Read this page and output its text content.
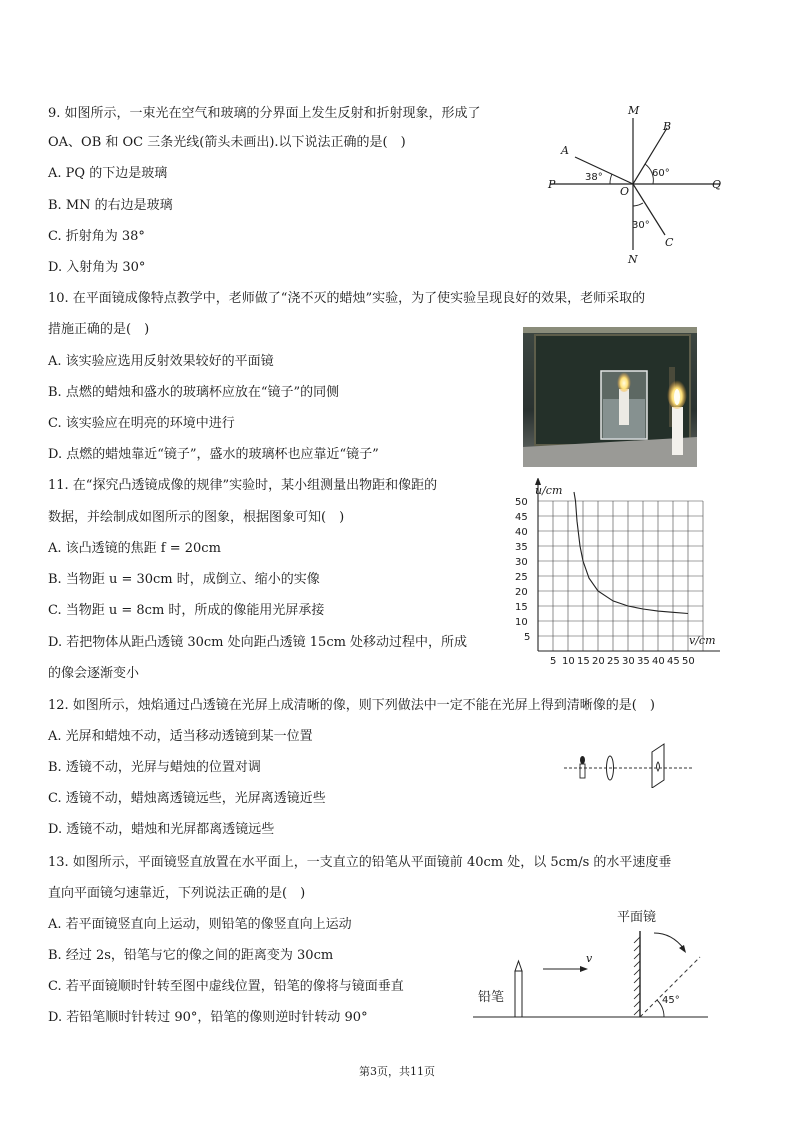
9. 如图所示，一束光在空气和玻璃的分界面上发生反射和折射现象，形成了
OA、OB 和 OC 三条光线(箭头未画出).以下说法正确的是(　)
A. PQ 的下边是玻璃
B. MN 的右边是玻璃
C. 折射角为 38°
D. 入射角为 30°
M
N
P	Q
O
A
B
C
38°	60°
30°
10. 在平面镜成像特点教学中，老师做了“浇不灭的蜡烛”实验，为了使实验呈现良好的效果，老师采取的
措施正确的是(　)
A. 该实验应选用反射效果较好的平面镜
B. 点燃的蜡烛和盛水的玻璃杯应放在“镜子”的同侧
C. 该实验应在明亮的环境中进行
D. 点燃的蜡烛靠近“镜子”，盛水的玻璃杯也应靠近“镜子”
11. 在“探究凸透镜成像的规律”实验时，某小组测量出物距和像距的
数据，并绘制成如图所示的图象，根据图象可知(　)
A. 该凸透镜的焦距 f = 20cm
B. 当物距 u = 30cm 时，成倒立、缩小的实像
C. 当物距 u = 8cm 时，所成的像能用光屏承接
D. 若把物体从距凸透镜 30cm 处向距凸透镜 15cm 处移动过程中，所成
的像会逐渐变小
5 10 15 20 25 30 35 40 45 50
5
10
15
20
25
30
35
40
45
50
u/cm
v/cm
12. 如图所示，烛焰通过凸透镜在光屏上成清晰的像，则下列做法中一定不能在光屏上得到清晰像的是(　)
A. 光屏和蜡烛不动，适当移动透镜到某一位置
B. 透镜不动，光屏与蜡烛的位置对调
C. 透镜不动，蜡烛离透镜远些，光屏离透镜近些
D. 透镜不动，蜡烛和光屏都离透镜远些
13. 如图所示，平面镜竖直放置在水平面上，一支直立的铅笔从平面镜前 40cm 处，以 5cm/s 的水平速度垂
直向平面镜匀速靠近，下列说法正确的是(　)
A. 若平面镜竖直向上运动，则铅笔的像竖直向上运动
B. 经过 2s，铅笔与它的像之间的距离变为 30cm
C. 若平面镜顺时针转至图中虚线位置，铅笔的像将与镜面垂直
D. 若铅笔顺时针转过 90°，铅笔的像则逆时针转动 90°
v
45°
平面镜
铅笔
第3页，共11页
